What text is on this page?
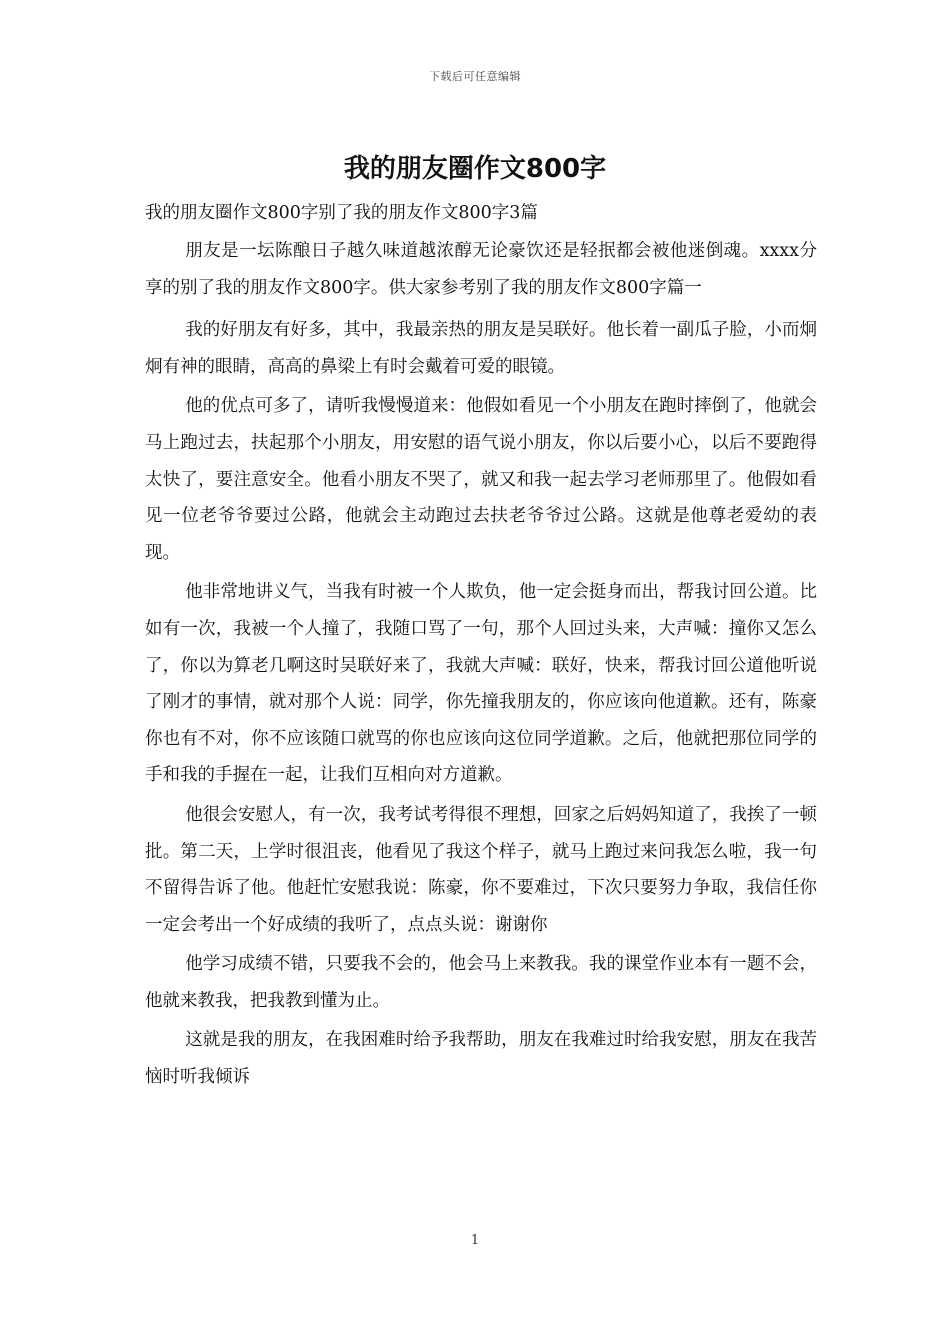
下载后可任意编辑
我的朋友圈作文800字
我的朋友圈作文800字别了我的朋友作文800字3篇

朋友是一坛陈酿日子越久味道越浓醇无论豪饮还是轻抿都会被他迷倒魂。xxxx分享的别了我的朋友作文800字。供大家参考别了我的朋友作文800字篇一

我的好朋友有好多，其中，我最亲热的朋友是吴联好。他长着一副瓜子脸，小而炯炯有神的眼睛，高高的鼻梁上有时会戴着可爱的眼镜。

他的优点可多了，请听我慢慢道来：他假如看见一个小朋友在跑时摔倒了，他就会马上跑过去，扶起那个小朋友，用安慰的语气说小朋友，你以后要小心，以后不要跑得太快了，要注意安全。他看小朋友不哭了，就又和我一起去学习老师那里了。他假如看见一位老爷爷要过公路，他就会主动跑过去扶老爷爷过公路。这就是他尊老爱幼的表现。

他非常地讲义气，当我有时被一个人欺负，他一定会挺身而出，帮我讨回公道。比如有一次，我被一个人撞了，我随口骂了一句，那个人回过头来，大声喊：撞你又怎么了，你以为算老几啊这时吴联好来了，我就大声喊：联好，快来，帮我讨回公道他听说了刚才的事情，就对那个人说：同学，你先撞我朋友的，你应该向他道歉。还有，陈豪你也有不对，你不应该随口就骂的你也应该向这位同学道歉。之后，他就把那位同学的手和我的手握在一起，让我们互相向对方道歉。

他很会安慰人，有一次，我考试考得很不理想，回家之后妈妈知道了，我挨了一顿批。第二天，上学时很沮丧，他看见了我这个样子，就马上跑过来问我怎么啦，我一句不留得告诉了他。他赶忙安慰我说：陈豪，你不要难过，下次只要努力争取，我信任你一定会考出一个好成绩的我听了，点点头说：谢谢你

他学习成绩不错，只要我不会的，他会马上来教我。我的课堂作业本有一题不会，他就来教我，把我教到懂为止。

这就是我的朋友，在我困难时给予我帮助，朋友在我难过时给我安慰，朋友在我苦恼时听我倾诉

1
